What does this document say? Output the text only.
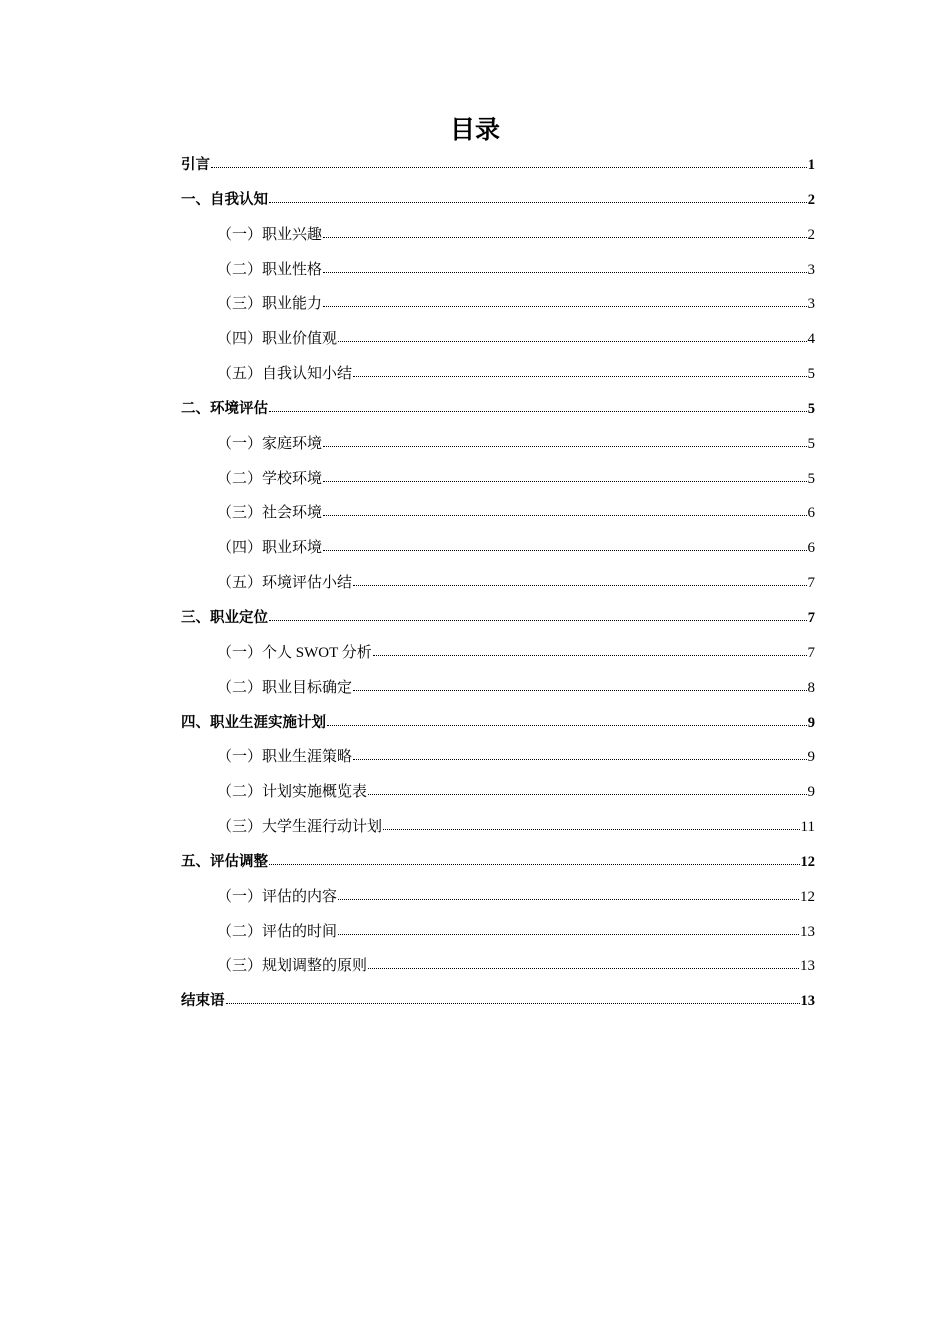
目录
引言	1
一、自我认知	2
（一）职业兴趣	2
（二）职业性格	3
（三）职业能力	3
（四）职业价值观	4
（五）自我认知小结	5
二、环境评估	5
（一）家庭环境	5
（二）学校环境	5
（三）社会环境	6
（四）职业环境	6
（五）环境评估小结	7
三、职业定位	7
（一）个人 SWOT 分析	7
（二）职业目标确定	8
四、职业生涯实施计划	9
（一）职业生涯策略	9
（二）计划实施概览表	9
（三）大学生涯行动计划	11
五、评估调整	12
（一）评估的内容	12
（二）评估的时间	13
（三）规划调整的原则	13
结束语	13
